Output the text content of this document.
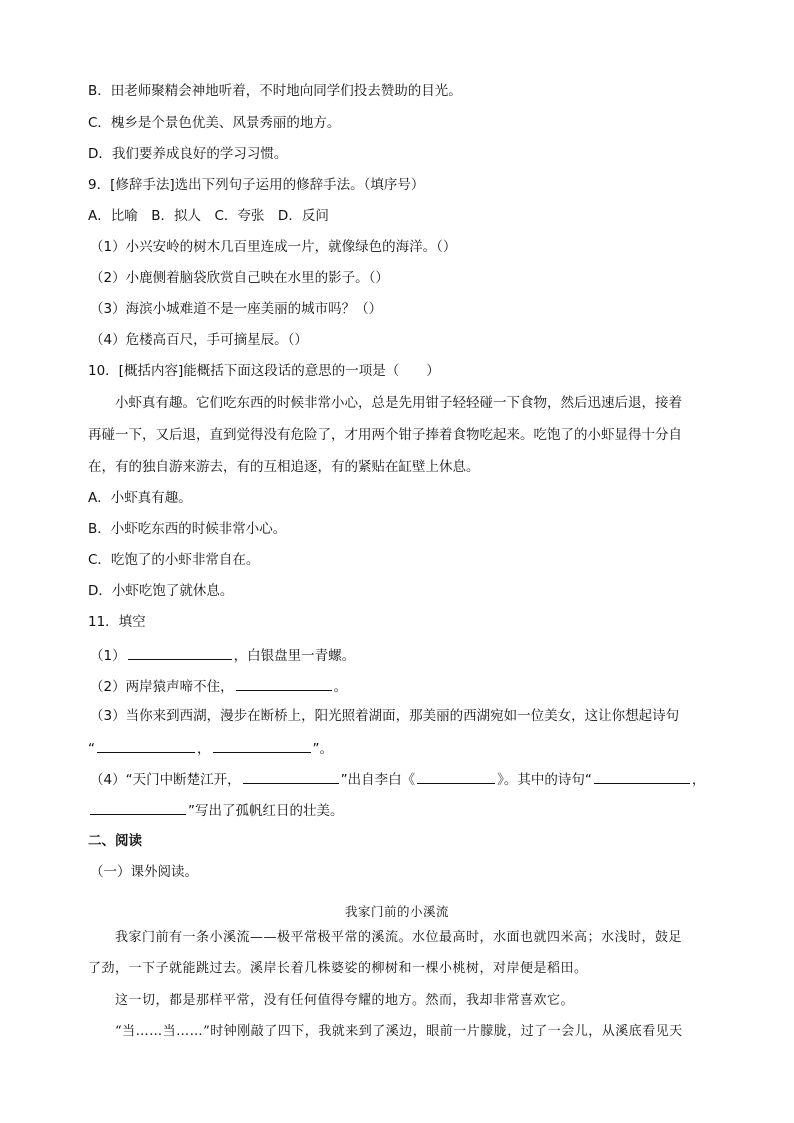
B．田老师聚精会神地听着，不时地向同学们投去赞助的目光。
C．槐乡是个景色优美、风景秀丽的地方。
D．我们要养成良好的学习习惯。
9．[修辞手法]选出下列句子运用的修辞手法。（填序号）
A．比喻　B．拟人　C．夸张　D．反问
（1）小兴安岭的树木几百里连成一片，就像绿色的海洋。（）
（2）小鹿侧着脑袋欣赏自己映在水里的影子。（）
（3）海滨小城难道不是一座美丽的城市吗？（）
（4）危楼高百尺，手可摘星辰。（）
10．[概括内容]能概括下面这段话的意思的一项是（　　）
小虾真有趣。它们吃东西的时候非常小心，总是先用钳子轻轻碰一下食物，然后迅速后退，接着
再碰一下，又后退，直到觉得没有危险了，才用两个钳子捧着食物吃起来。吃饱了的小虾显得十分自
在，有的独自游来游去，有的互相追逐，有的紧贴在缸壁上休息。
A．小虾真有趣。
B．小虾吃东西的时候非常小心。
C．吃饱了的小虾非常自在。
D．小虾吃饱了就休息。
11．填空
（1）	，白银盘里一青螺。
（2）两岸猿声啼不住，	。
（3）当你来到西湖，漫步在断桥上，阳光照着湖面，那美丽的西湖宛如一位美女，这让你想起诗句
“	，	”。
（4）“天门中断楚江开，	”出自李白《	》。其中的诗句“	，
”写出了孤帆红日的壮美。
二、阅读
（一）课外阅读。
我家门前的小溪流
我家门前有一条小溪流——极平常极平常的溪流。水位最高时，水面也就四米高；水浅时，鼓足
了劲，一下子就能跳过去。溪岸长着几株婆娑的柳树和一棵小桃树，对岸便是稻田。
这一切，都是那样平常，没有任何值得夸耀的地方。然而，我却非常喜欢它。
“当……当……”时钟刚敲了四下，我就来到了溪边，眼前一片朦胧，过了一会儿，从溪底看见天
